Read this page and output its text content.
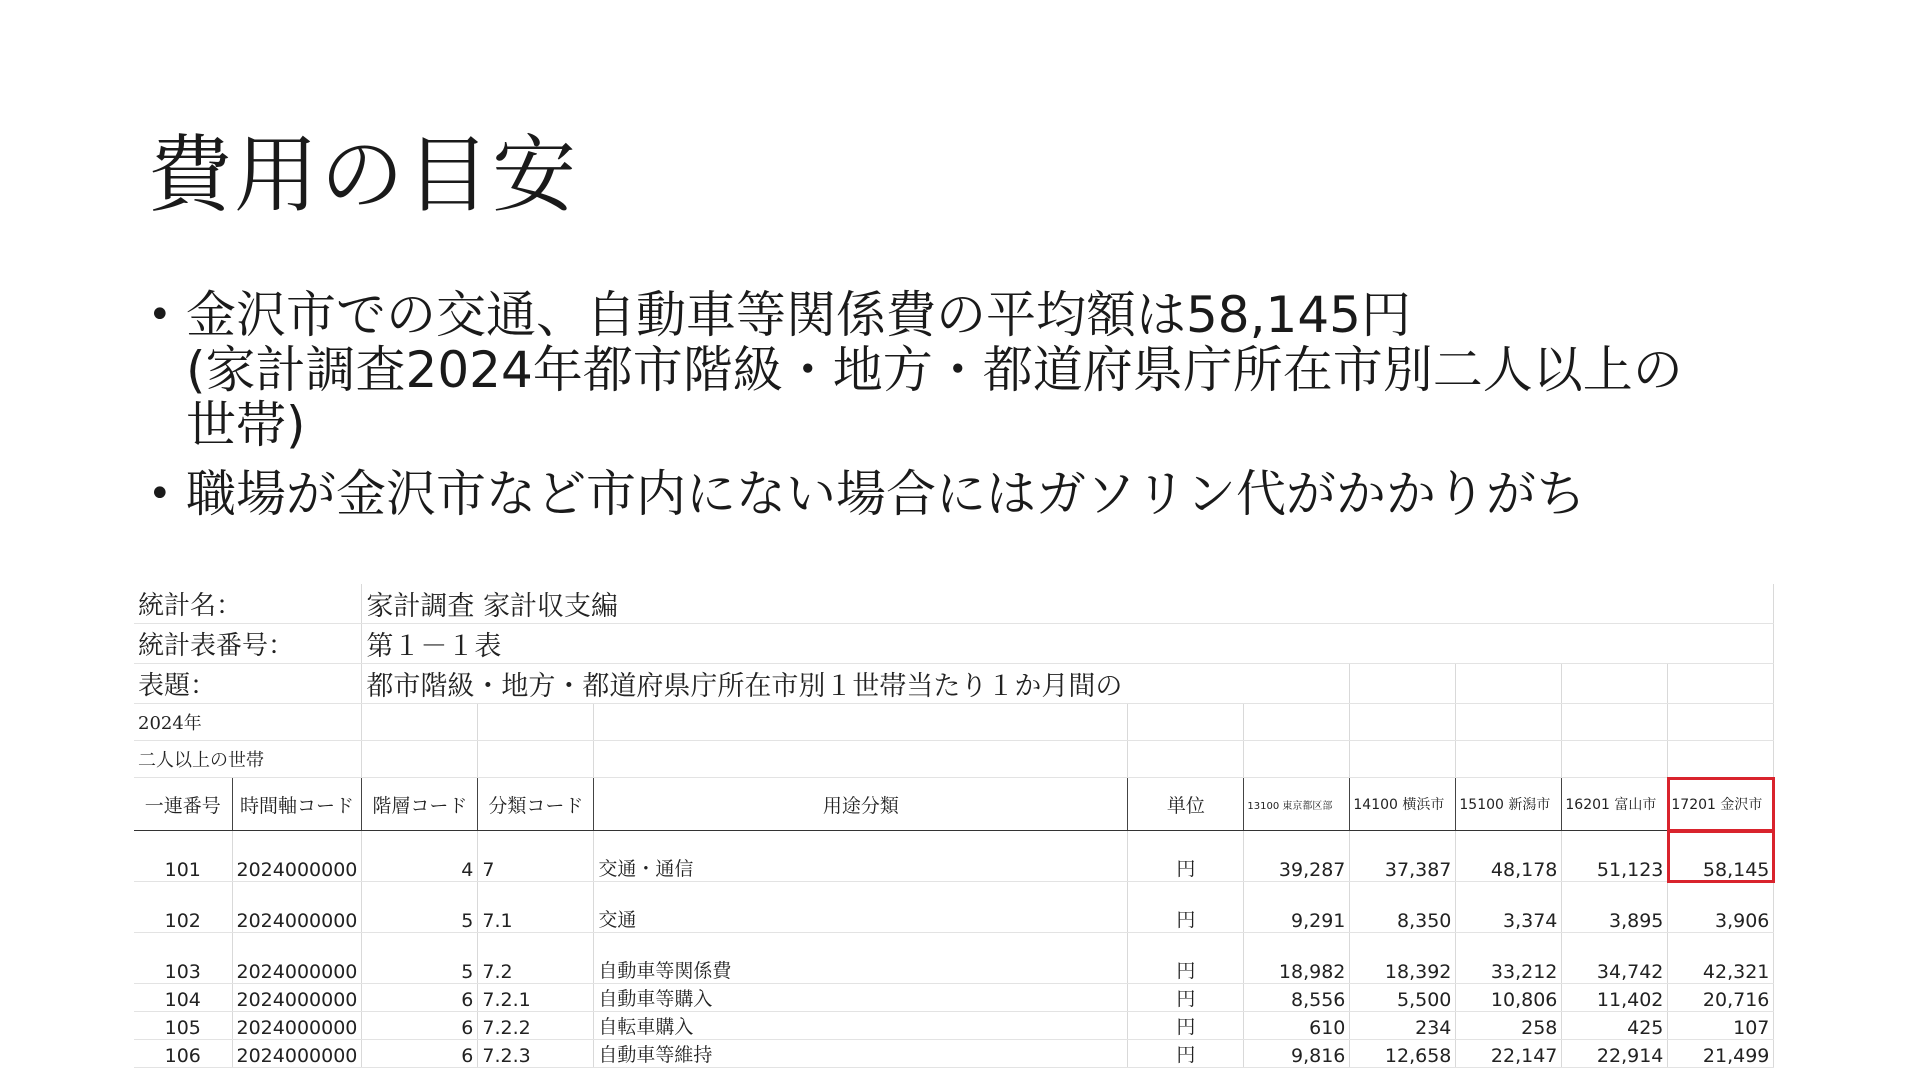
費用の目安
• 金沢市での交通、自動車等関係費の平均額は58,145円
(家計調査2024年都市階級・地方・都道府県庁所在市別二人以上の
世帯)
• 職場が金沢市など市内にない場合にはガソリン代がかかりがち
統計名：		家計調査 家計収支編								
統計表番号：		第１－１表								
表題：		都市階級・地方・都道府県庁所在市別１世帯当たり１か月間の								
2024年										
二人以上の世帯										
一連番号	時間軸コード	階層コード	分類コード	用途分類	単位	13100 東京都区部	14100 横浜市	15100 新潟市	16201 富山市	17201 金沢市
101	2024000000	4	7	交通・通信	円	39,287	37,387	48,178	51,123	58,145
102	2024000000	5	7.1	交通	円	9,291	8,350	3,374	3,895	3,906
103	2024000000	5	7.2	自動車等関係費	円	18,982	18,392	33,212	34,742	42,321
104	2024000000	6	7.2.1	自動車等購入	円	8,556	5,500	10,806	11,402	20,716
105	2024000000	6	7.2.2	自転車購入	円	610	234	258	425	107
106	2024000000	6	7.2.3	自動車等維持	円	9,816	12,658	22,147	22,914	21,499
